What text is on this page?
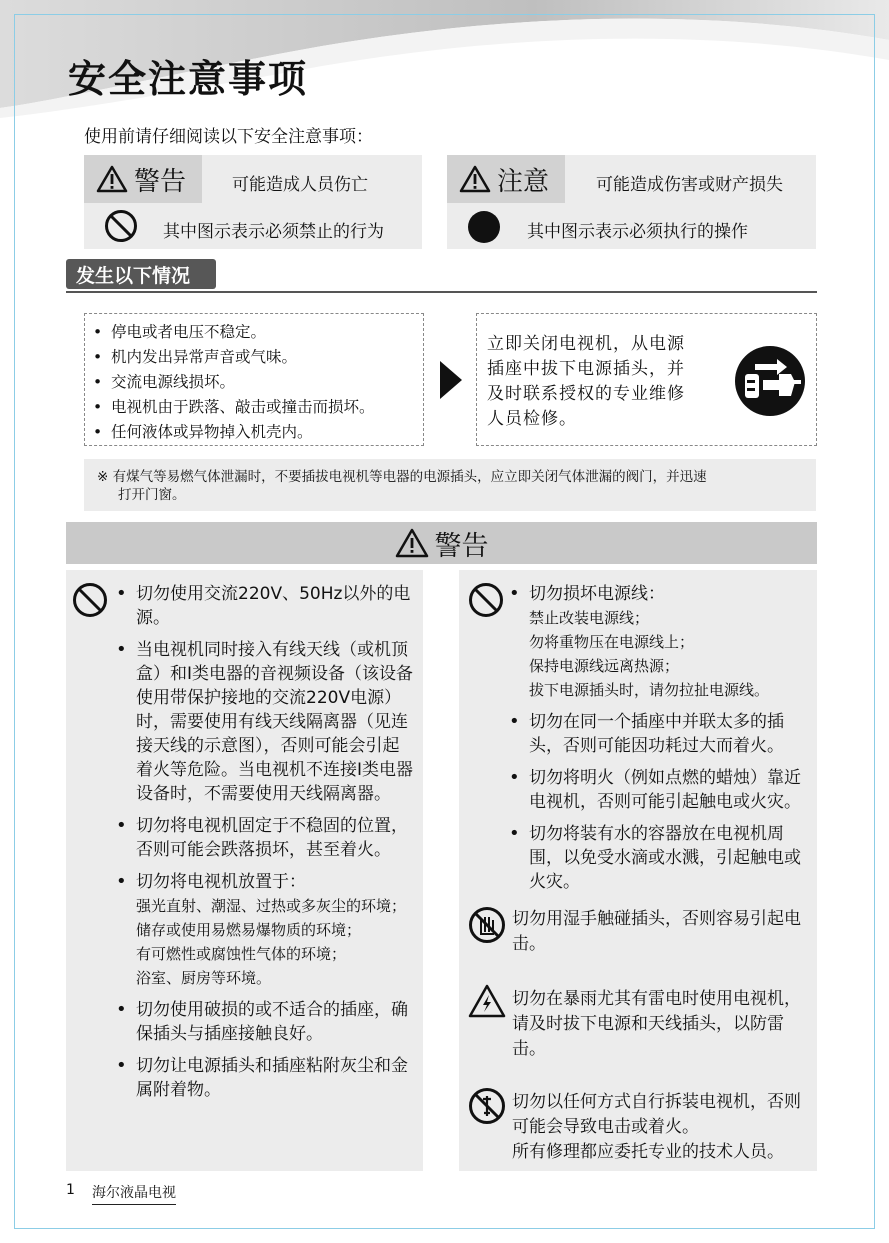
安全注意事项
使用前请仔细阅读以下安全注意事项：
警告	可能造成人员伤亡
其中图示表示必须禁止的行为
注意	可能造成伤害或财产损失
其中图示表示必须执行的操作
发生以下情况
• 停电或者电压不稳定。
• 机内发出异常声音或气味。
• 交流电源线损坏。
• 电视机由于跌落、敲击或撞击而损坏。
• 任何液体或异物掉入机壳内。
立即关闭电视机，从电源
插座中拔下电源插头，并
及时联系授权的专业维修
人员检修。
※ 有煤气等易燃气体泄漏时，不要插拔电视机等电器的电源插头，应立即关闭气体泄漏的阀门，并迅速
打开门窗。
警告
• 切勿使用交流220V、50Hz以外的电源。
• 当电视机同时接入有线天线（或机顶盒）和I类电器的音视频设备（该设备使用带保护接地的交流220V电源）时，需要使用有线天线隔离器（见连接天线的示意图），否则可能会引起着火等危险。当电视机不连接I类电器设备时，不需要使用天线隔离器。
• 切勿将电视机固定于不稳固的位置，否则可能会跌落损坏，甚至着火。
• 切勿将电视机放置于：
强光直射、潮湿、过热或多灰尘的环境；
储存或使用易燃易爆物质的环境；
有可燃性或腐蚀性气体的环境；
浴室、厨房等环境。
• 切勿使用破损的或不适合的插座，确保插头与插座接触良好。
• 切勿让电源插头和插座粘附灰尘和金属附着物。
• 切勿损坏电源线：
禁止改装电源线；
勿将重物压在电源线上；
保持电源线远离热源；
拔下电源插头时，请勿拉扯电源线。
• 切勿在同一个插座中并联太多的插头，否则可能因功耗过大而着火。
• 切勿将明火（例如点燃的蜡烛）靠近电视机，否则可能引起触电或火灾。
• 切勿将装有水的容器放在电视机周围，以免受水滴或水溅，引起触电或火灾。
切勿用湿手触碰插头，否则容易引起电击。
切勿在暴雨尤其有雷电时使用电视机，请及时拔下电源和天线插头，以防雷击。
切勿以任何方式自行拆装电视机，否则可能会导致电击或着火。
所有修理都应委托专业的技术人员。
1 海尔液晶电视
